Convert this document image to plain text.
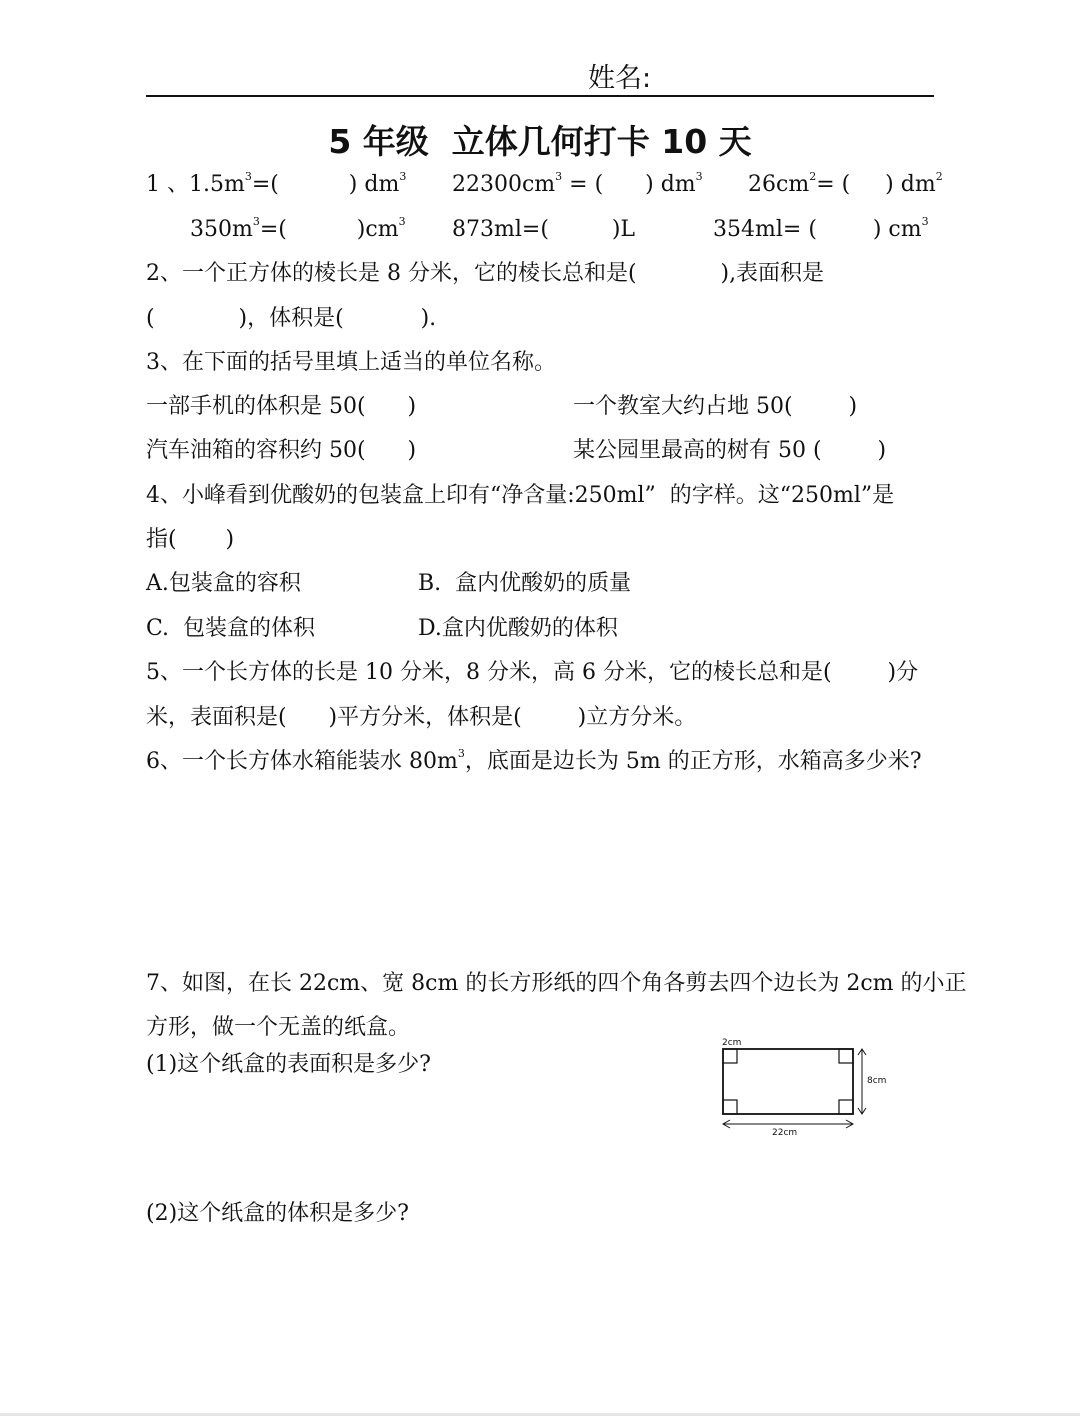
姓名:
5 年级  立体几何打卡 10 天
1 、$1.5m^3=$(          ) $dm^3$ $22300cm^3$ = (      ) $dm^3$ $26cm^2=$ (     ) $dm^2$
$350m^3=$(          )$cm^3$ 873ml=(         )L	354ml= (        ) $cm^3$
2、一个正方体的棱长是 8 分米，它的棱长总和是(            ),表面积是
(            )，体积是(           ).
3、在下面的括号里填上适当的单位名称。
一部手机的体积是 50(      )	一个教室大约占地 50(        )
汽车油箱的容积约 50(      )	某公园里最高的树有 50 (        )
4、小峰看到优酸奶的包装盒上印有“净含量:250ml”  的字样。这“250ml”是
指(       )
A.包装盒的容积	B.  盒内优酸奶的质量
C.  包装盒的体积	D.盒内优酸奶的体积
5、一个长方体的长是 10 分米，8 分米，高 6 分米，它的棱长总和是(        )分
米，表面积是(      )平方分米，体积是(        )立方分米。
6、一个长方体水箱能装水 $80m^3$，底面是边长为 5m 的正方形，水箱高多少米?
7、如图，在长 22cm、宽 8cm 的长方形纸的四个角各剪去四个边长为 2cm 的小正
方形，做一个无盖的纸盒。
(1)这个纸盒的表面积是多少?
(2)这个纸盒的体积是多少?
2cm
8cm
22cm
